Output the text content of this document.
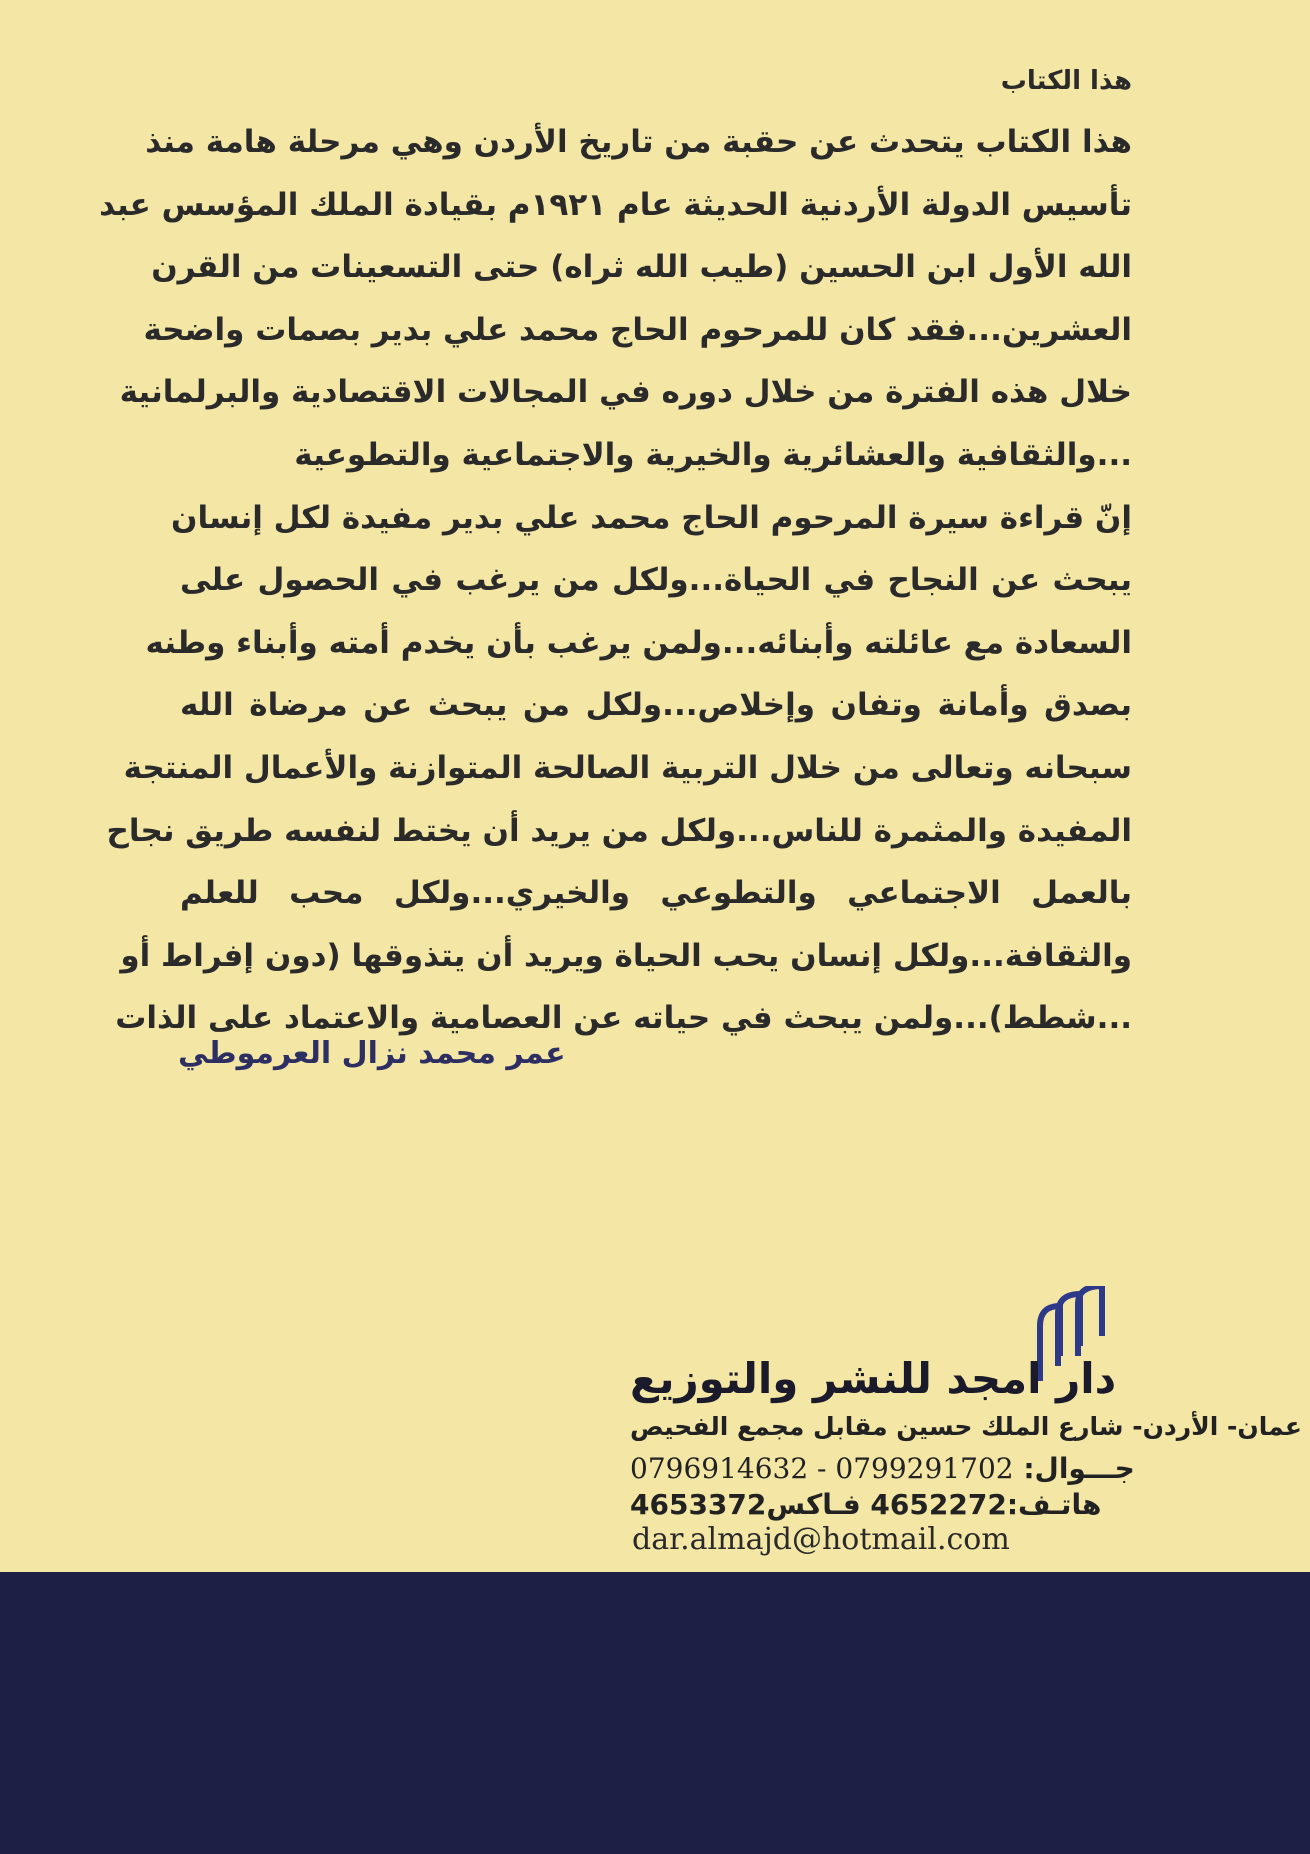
هذا الكتاب
هذا الكتاب يتحدث عن حقبة من تاريخ الأردن وهي مرحلة هامة منذ
تأسيس الدولة الأردنية الحديثة عام ١٩٢١م بقيادة الملك المؤسس عبد
الله الأول ابن الحسين (طيب الله ثراه) حتى التسعينات من القرن
العشرين...فقد كان للمرحوم الحاج محمد علي بدير بصمات واضحة
خلال هذه الفترة من خلال دوره في المجالات الاقتصادية والبرلمانية
...والثقافية والعشائرية والخيرية والاجتماعية والتطوعية
إنّ قراءة سيرة المرحوم الحاج محمد علي بدير مفيدة لكل إنسان
يبحث عن النجاح في الحياة...ولكل من يرغب في الحصول على
السعادة مع عائلته وأبنائه...ولمن يرغب بأن يخدم أمته وأبناء وطنه
بصدق وأمانة وتفان وإخلاص...ولكل من يبحث عن مرضاة الله
سبحانه وتعالى من خلال التربية الصالحة المتوازنة والأعمال المنتجة
المفيدة والمثمرة للناس...ولكل من يريد أن يختط لنفسه طريق نجاح
بالعمل الاجتماعي والتطوعي والخيري...ولكل محب للعلم
والثقافة...ولكل إنسان يحب الحياة ويريد أن يتذوقها (دون إفراط أو
...شطط)...ولمن يبحث في حياته عن العصامية والاعتماد على الذات
عمر محمد نزال العرموطي
دار امجد للنشر والتوزيع
عمان- الأردن- شارع الملك حسين مقابل مجمع الفحيص
جـــوال: 0799291702 - 0796914632
هاتـف:4652272 فـاكس4653372
dar.almajd@hotmail.com
